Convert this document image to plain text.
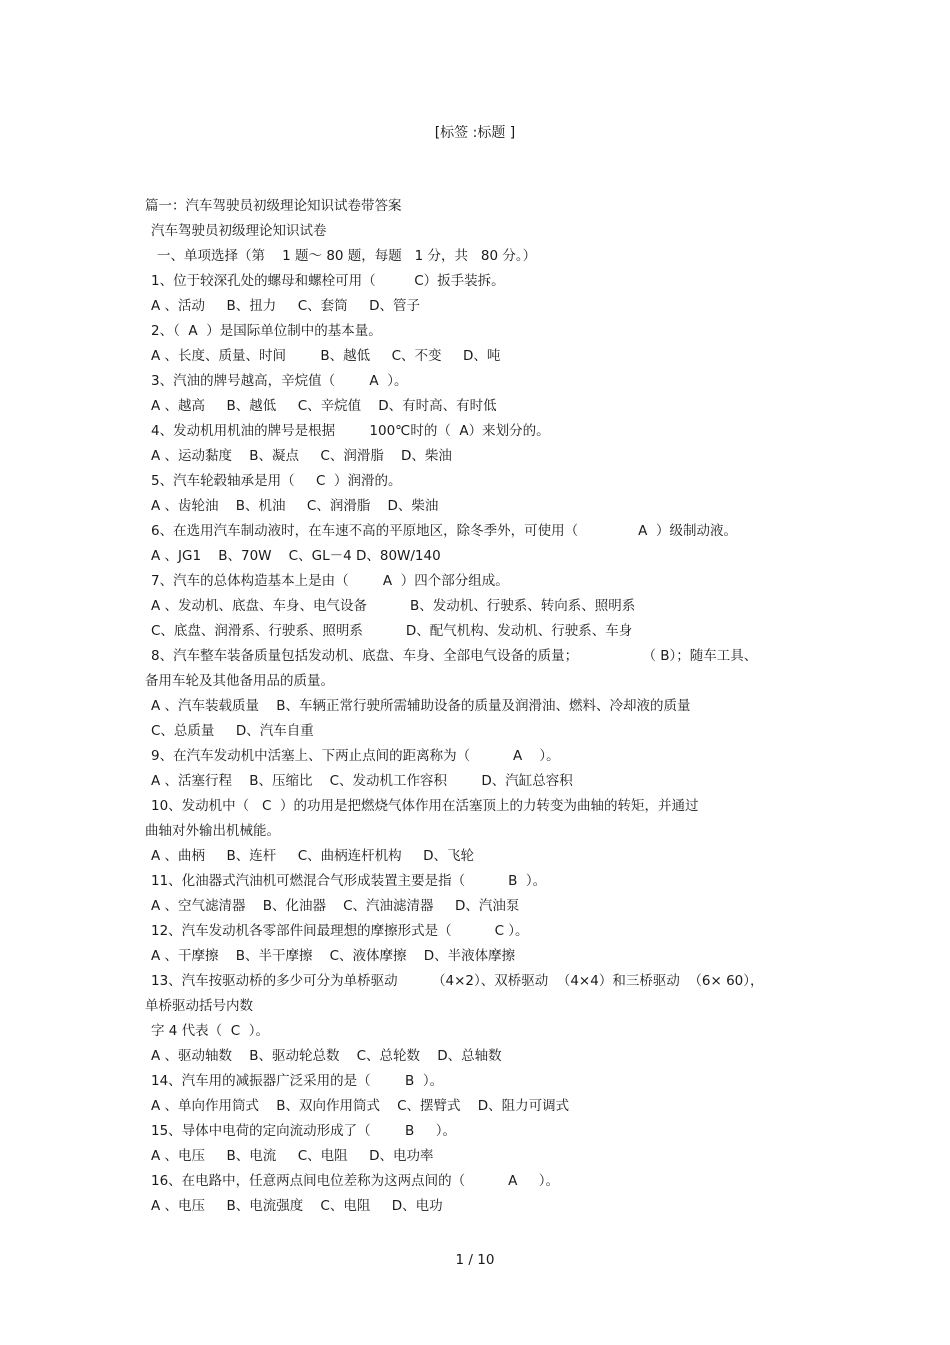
[标签 :标题 ]
篇一：汽车驾驶员初级理论知识试卷带答案
汽车驾驶员初级理论知识试卷
一、单项选择（第    1 题～ 80 题，每题   1 分，共   80 分。）
1、位于较深孔处的螺母和螺栓可用（         C）扳手装拆。
A 、活动     B、扭力     C、套筒     D、管子
2、（  A  ）是国际单位制中的基本量。
A 、长度、质量、时间        B、越低     C、不变     D、吨
3、汽油的牌号越高，辛烷值（        A  ）。
A 、越高     B、越低     C、辛烷值    D、有时高、有时低
4、发动机用机油的牌号是根据        100℃时的（  A）来划分的。
A 、运动黏度    B、凝点     C、润滑脂    D、柴油
5、汽车轮毂轴承是用（     C  ）润滑的。
A 、齿轮油    B、机油     C、润滑脂    D、柴油
6、在选用汽车制动液时，在车速不高的平原地区，除冬季外，可使用（              A  ）级制动液。
A 、JG1    B、70W    C、GL－4 D、80W/140
7、汽车的总体构造基本上是由（        A  ）四个部分组成。
A 、发动机、底盘、车身、电气设备          B、发动机、行驶系、转向系、照明系
C、底盘、润滑系、行驶系、照明系          D、配气机构、发动机、行驶系、车身
8、汽车整车装备质量包括发动机、底盘、车身、全部电气设备的质量；               （ B）；随车工具、
备用车轮及其他备用品的质量。
A 、汽车装载质量    B、车辆正常行驶所需辅助设备的质量及润滑油、燃料、冷却液的质量
C、总质量     D、汽车自重
9、在汽车发动机中活塞上、下两止点间的距离称为（          A    ）。
A 、活塞行程    B、压缩比    C、发动机工作容积        D、汽缸总容积
10、发动机中（   C  ）的功用是把燃烧气体作用在活塞顶上的力转变为曲轴的转矩，并通过
曲轴对外输出机械能。
A 、曲柄     B、连杆     C、曲柄连杆机构     D、飞轮
11、化油器式汽油机可燃混合气形成装置主要是指（          B  ）。
A 、空气滤清器    B、化油器    C、汽油滤清器     D、汽油泵
12、汽车发动机各零部件间最理想的摩擦形式是（          C ）。
A 、干摩擦    B、半干摩擦    C、液体摩擦    D、半液体摩擦
13、汽车按驱动桥的多少可分为单桥驱动        （4×2）、双桥驱动  （4×4）和三桥驱动  （6× 60），
单桥驱动括号内数
字 4 代表（  C  ）。
A 、驱动轴数    B、驱动轮总数    C、总轮数    D、总轴数
14、汽车用的减振器广泛采用的是（        B  ）。
A 、单向作用筒式    B、双向作用筒式    C、摆臂式    D、阻力可调式
15、导体中电荷的定向流动形成了（        B     ）。
A 、电压     B、电流     C、电阻     D、电功率
16、在电路中，任意两点间电位差称为这两点间的（          A     ）。
A 、电压     B、电流强度    C、电阻     D、电功
1 / 10
